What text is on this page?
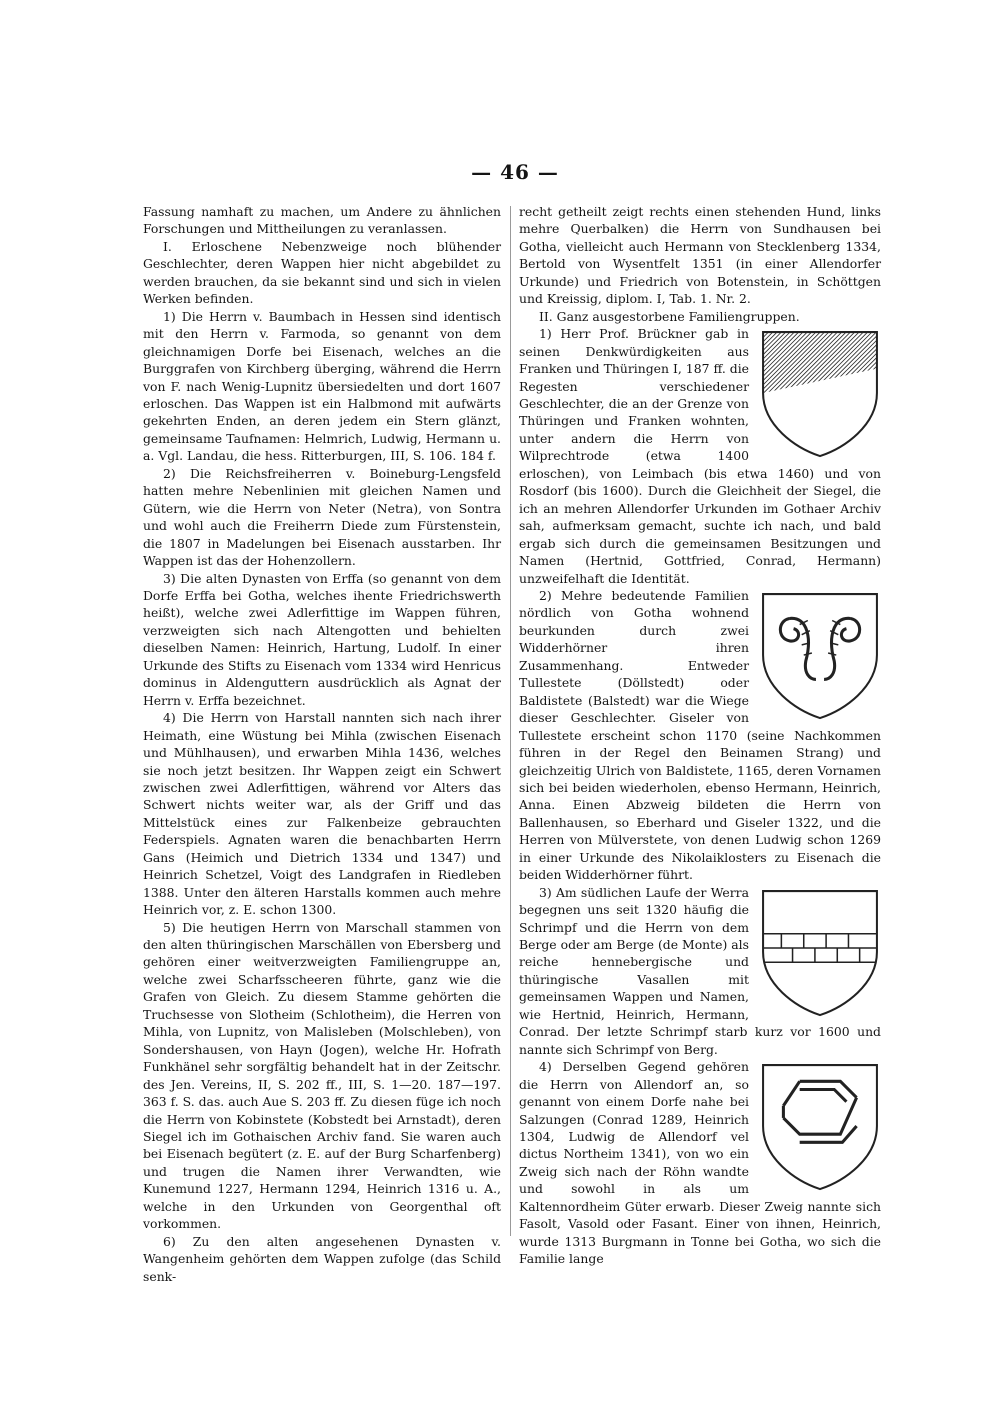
— 46 —

Fassung namhaft zu machen, um Andere zu ähnlichen Forschungen und Mittheilungen zu veranlassen.

I. Erloschene Nebenzweige noch blühender Geschlechter, deren Wappen hier nicht abgebildet zu werden brauchen, da sie bekannt sind und sich in vielen Werken befinden.

1) Die Herrn v. Baumbach in Hessen sind identisch mit den Herrn v. Farmoda, so genannt von dem gleichnamigen Dorfe bei Eisenach, welches an die Burggrafen von Kirchberg überging, während die Herrn von F. nach Wenig-Lupnitz übersiedelten und dort 1607 erloschen. Das Wappen ist ein Halbmond mit aufwärts gekehrten Enden, an deren jedem ein Stern glänzt, gemeinsame Taufnamen: Helmrich, Ludwig, Hermann u. a. Vgl. Landau, die hess. Ritterburgen, III, S. 106. 184 f.

2) Die Reichsfreiherren v. Boineburg-Lengsfeld hatten mehre Nebenlinien mit gleichen Namen und Gütern, wie die Herrn von Neter (Netra), von Sontra und wohl auch die Freiherrn Diede zum Fürstenstein, die 1807 in Madelungen bei Eisenach ausstarben. Ihr Wappen ist das der Hohenzollern.

3) Die alten Dynasten von Erffa (so genannt von dem Dorfe Erffa bei Gotha, welches ihente Friedrichswerth heißt), welche zwei Adlerfittige im Wappen führen, verzweigten sich nach Altengotten und behielten dieselben Namen: Heinrich, Hartung, Ludolf. In einer Urkunde des Stifts zu Eisenach vom 1334 wird Henricus dominus in Aldenguttern ausdrücklich als Agnat der Herrn v. Erffa bezeichnet.

4) Die Herrn von Harstall nannten sich nach ihrer Heimath, eine Wüstung bei Mihla (zwischen Eisenach und Mühlhausen), und erwarben Mihla 1436, welches sie noch jetzt besitzen. Ihr Wappen zeigt ein Schwert zwischen zwei Adlerfittigen, während vor Alters das Schwert nichts weiter war, als der Griff und das Mittelstück eines zur Falkenbeize gebrauchten Federspiels. Agnaten waren die benachbarten Herrn Gans (Heimich und Dietrich 1334 und 1347) und Heinrich Schetzel, Voigt des Landgrafen in Riedleben 1388. Unter den älteren Harstalls kommen auch mehre Heinrich vor, z. E. schon 1300.

5) Die heutigen Herrn von Marschall stammen von den alten thüringischen Marschällen von Ebersberg und gehören einer weitverzweigten Familiengruppe an, welche zwei Scharfsscheeren führte, ganz wie die Grafen von Gleich. Zu diesem Stamme gehörten die Truchsesse von Slotheim (Schlotheim), die Herren von Mihla, von Lupnitz, von Malisleben (Molschleben), von Sondershausen, von Hayn (Jogen), welche Hr. Hofrath Funkhänel sehr sorgfältig behandelt hat in der Zeitschr. des Jen. Vereins, II, S. 202 ff., III, S. 1—20. 187—197. 363 f. S. das. auch Aue S. 203 ff. Zu diesen füge ich noch die Herrn von Kobinstete (Kobstedt bei Arnstadt), deren Siegel ich im Gothaischen Archiv fand. Sie waren auch bei Eisenach begütert (z. E. auf der Burg Scharfenberg) und trugen die Namen ihrer Verwandten, wie Kunemund 1227, Hermann 1294, Heinrich 1316 u. A., welche in den Urkunden von Georgenthal oft vorkommen.

6) Zu den alten angesehenen Dynasten v. Wangenheim gehörten dem Wappen zufolge (das Schild senk-

recht getheilt zeigt rechts einen stehenden Hund, links mehre Querbalken) die Herrn von Sundhausen bei Gotha, vielleicht auch Hermann von Stecklenberg 1334, Bertold von Wysentfelt 1351 (in einer Allendorfer Urkunde) und Friedrich von Botenstein, in Schöttgen und Kreissig, diplom. I, Tab. 1. Nr. 2.

II. Ganz ausgestorbene Familiengruppen.

1) Herr Prof. Brückner gab in seinen Denkwürdigkeiten aus Franken und Thüringen I, 187 ff. die Regesten verschiedener Geschlechter, die an der Grenze von Thüringen und Franken wohnten, unter andern die Herrn von Wilprechtrode (etwa 1400 erloschen), von Leimbach (bis etwa 1460) und von Rosdorf (bis 1600). Durch die Gleichheit der Siegel, die ich an mehren Allendorfer Urkunden im Gothaer Archiv sah, aufmerksam gemacht, suchte ich nach, und bald ergab sich durch die gemeinsamen Besitzungen und Namen (Hertnid, Gottfried, Conrad, Hermann) unzweifelhaft die Identität.

2) Mehre bedeutende Familien nördlich von Gotha wohnend beurkunden durch zwei Widderhörner ihren Zusammenhang. Entweder Tullestete (Döllstedt) oder Baldistete (Balstedt) war die Wiege dieser Geschlechter. Giseler von Tullestete erscheint schon 1170 (seine Nachkommen führen in der Regel den Beinamen Strang) und gleichzeitig Ulrich von Baldistete, 1165, deren Vornamen sich bei beiden wiederholen, ebenso Hermann, Heinrich, Anna. Einen Abzweig bildeten die Herrn von Ballenhausen, so Eberhard und Giseler 1322, und die Herren von Mülverstete, von denen Ludwig schon 1269 in einer Urkunde des Nikolaiklosters zu Eisenach die beiden Widderhörner führt.

3) Am südlichen Laufe der Werra begegnen uns seit 1320 häufig die Schrimpf und die Herrn von dem Berge oder am Berge (de Monte) als reiche hennebergische und thüringische Vasallen mit gemeinsamen Wappen und Namen, wie Hertnid, Heinrich, Hermann, Conrad. Der letzte Schrimpf starb kurz vor 1600 und nannte sich Schrimpf von Berg.

4) Derselben Gegend gehören die Herrn von Allendorf an, so genannt von einem Dorfe nahe bei Salzungen (Conrad 1289, Heinrich 1304, Ludwig de Allendorf vel dictus Northeim 1341), von wo ein Zweig sich nach der Röhn wandte und sowohl in als um Kaltennordheim Güter erwarb. Dieser Zweig nannte sich Fasolt, Vasold oder Fasant. Einer von ihnen, Heinrich, wurde 1313 Burgmann in Tonne bei Gotha, wo sich die Familie lange
